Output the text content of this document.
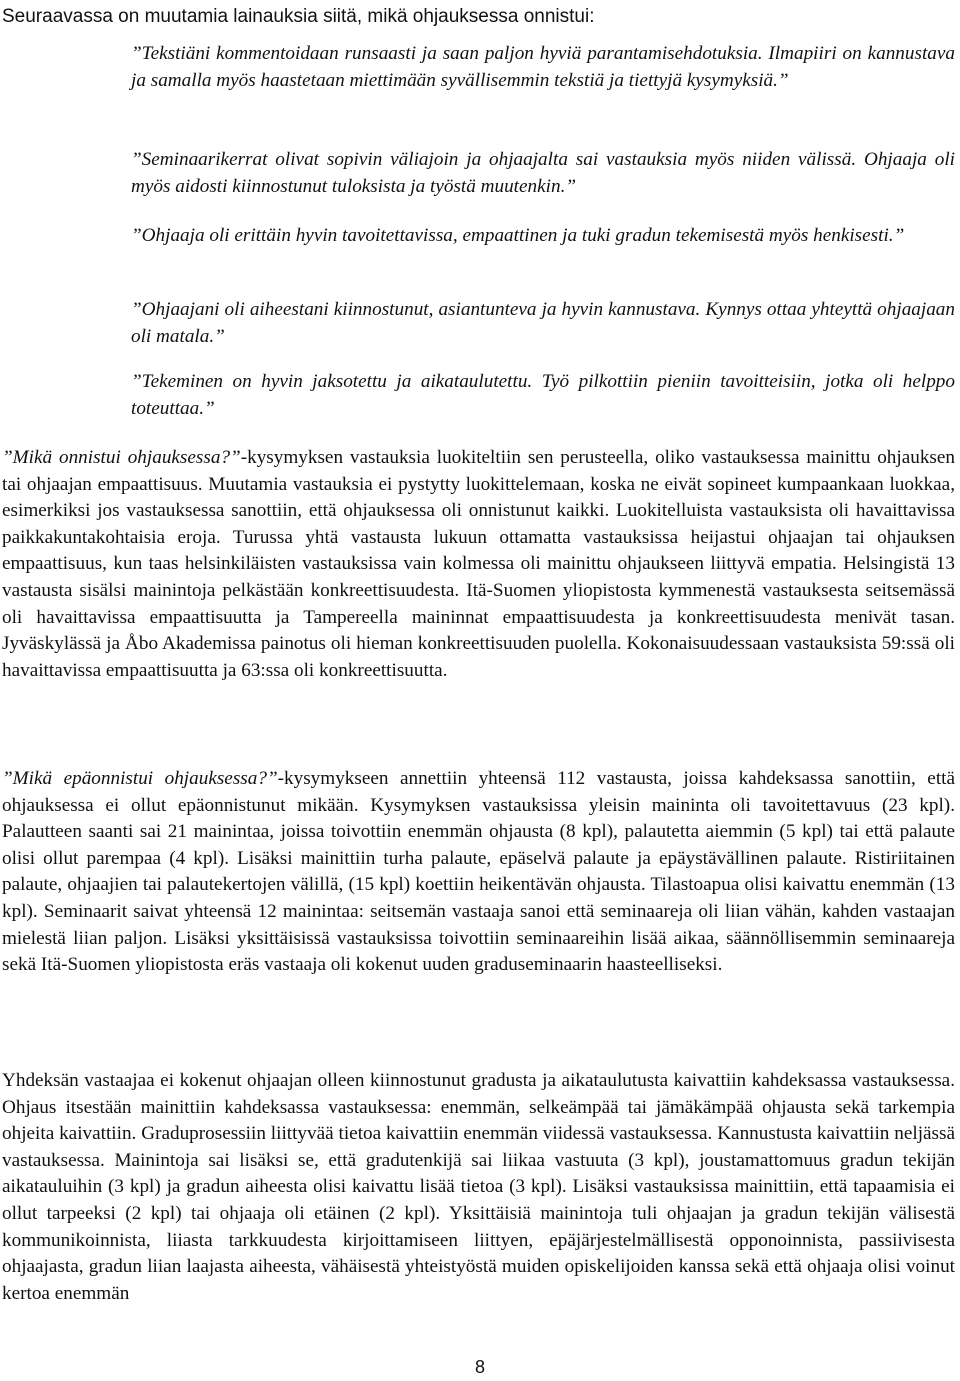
Seuraavassa on muutamia lainauksia siitä, mikä ohjauksessa onnistui:
”Tekstiäni kommentoidaan runsaasti ja saan paljon hyviä parantamisehdotuksia. Ilmapiiri on kannustava ja samalla myös haastetaan miettimään syvällisemmin tekstiä ja tiettyjä kysymyksiä.”
”Seminaarikerrat olivat sopivin väliajoin ja ohjaajalta sai vastauksia myös niiden välissä. Ohjaaja oli myös aidosti kiinnostunut tuloksista ja työstä muutenkin.”
”Ohjaaja oli erittäin hyvin tavoitettavissa, empaattinen ja tuki gradun tekemisestä myös henkisesti.”
”Ohjaajani oli aiheestani kiinnostunut, asiantunteva ja hyvin kannustava. Kynnys ottaa yhteyttä ohjaajaan oli matala.”
”Tekeminen on hyvin jaksotettu ja aikataulutettu. Työ pilkottiin pieniin tavoitteisiin, jotka oli helppo toteuttaa.”
”Mikä onnistui ohjauksessa?”-kysymyksen vastauksia luokiteltiin sen perusteella, oliko vastauksessa mainittu ohjauksen tai ohjaajan empaattisuus. Muutamia vastauksia ei pystytty luokittelemaan, koska ne eivät sopineet kumpaankaan luokkaa, esimerkiksi jos vastauksessa sanottiin, että ohjauksessa oli onnistunut kaikki. Luokitelluista vastauksista oli havaittavissa paikkakuntakohtaisia eroja. Turussa yhtä vastausta lukuun ottamatta vastauksissa heijastui ohjaajan tai ohjauksen empaattisuus, kun taas helsinkiläisten vastauksissa vain kolmessa oli mainittu ohjaukseen liittyvä empatia. Helsingistä 13 vastausta sisälsi mainintoja pelkästään konkreettisuudesta. Itä-Suomen yliopistosta kymmenestä vastauksesta seitsemässä oli havaittavissa empaattisuutta ja Tampereella maininnat empaattisuudesta ja konkreettisuudesta menivät tasan. Jyväskylässä ja Åbo Akademissa painotus oli hieman konkreettisuuden puolella. Kokonaisuudessaan vastauksista 59:ssä oli havaittavissa empaattisuutta ja 63:ssa oli konkreettisuutta.
”Mikä epäonnistui ohjauksessa?”-kysymykseen annettiin yhteensä 112 vastausta, joissa kahdeksassa sanottiin, että ohjauksessa ei ollut epäonnistunut mikään. Kysymyksen vastauksissa yleisin maininta oli tavoitettavuus (23 kpl). Palautteen saanti sai 21 mainintaa, joissa toivottiin enemmän ohjausta (8 kpl), palautetta aiemmin (5 kpl) tai että palaute olisi ollut parempaa (4 kpl). Lisäksi mainittiin turha palaute, epäselvä palaute ja epäystävällinen palaute. Ristiriitainen palaute, ohjaajien tai palautekertojen välillä, (15 kpl) koettiin heikentävän ohjausta. Tilastoapua olisi kaivattu enemmän (13 kpl). Seminaarit saivat yhteensä 12 mainintaa: seitsemän vastaaja sanoi että seminaareja oli liian vähän, kahden vastaajan mielestä liian paljon. Lisäksi yksittäisissä vastauksissa toivottiin seminaareihin lisää aikaa, säännöllisemmin seminaareja sekä Itä-Suomen yliopistosta eräs vastaaja oli kokenut uuden graduseminaarin haasteelliseksi.
Yhdeksän vastaajaa ei kokenut ohjaajan olleen kiinnostunut gradusta ja aikataulutusta kaivattiin kahdeksassa vastauksessa. Ohjaus itsestään mainittiin kahdeksassa vastauksessa: enemmän, selkeämpää tai jämäkämpää ohjausta sekä tarkempia ohjeita kaivattiin. Graduprosessiin liittyvää tietoa kaivattiin enemmän viidessä vastauksessa. Kannustusta kaivattiin neljässä vastauksessa. Mainintoja sai lisäksi se, että gradutenkijä sai liikaa vastuuta (3 kpl), joustamattomuus gradun tekijän aikatauluihin (3 kpl) ja gradun aiheesta olisi kaivattu lisää tietoa (3 kpl). Lisäksi vastauksissa mainittiin, että tapaamisia ei ollut tarpeeksi (2 kpl) tai ohjaaja oli etäinen (2 kpl). Yksittäisiä mainintoja tuli ohjaajan ja gradun tekijän välisestä kommunikoinnista, liiasta tarkkuudesta kirjoittamiseen liittyen, epäjärjestelmällisestä opponoinnista, passiivisesta ohjaajasta, gradun liian laajasta aiheesta, vähäisestä yhteistyöstä muiden opiskelijoiden kanssa sekä että ohjaaja olisi voinut kertoa enemmän
8
